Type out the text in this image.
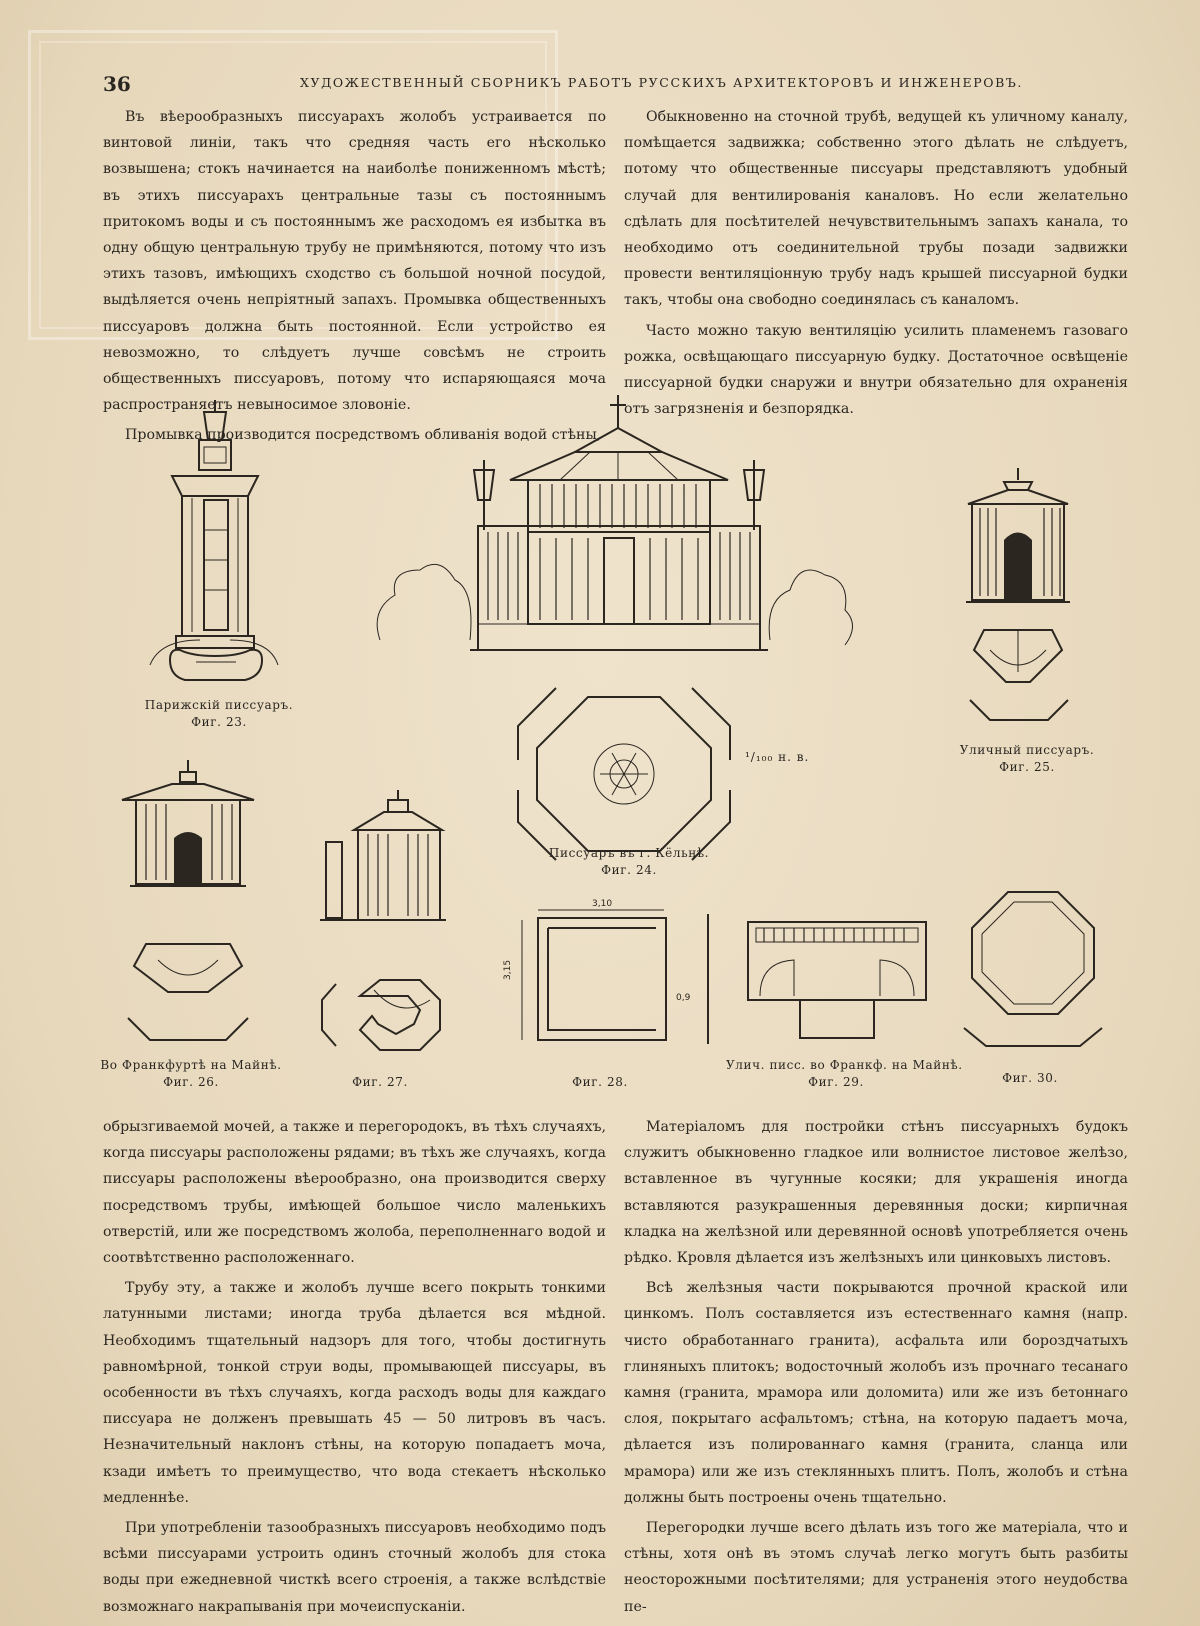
36	ХУДОЖЕСТВЕННЫЙ СБОРНИКЪ РАБОТЪ РУССКИХЪ АРХИТЕКТОРОВЪ И ИНЖЕНЕРОВЪ.

Въ вѣерообразныхъ писсуарахъ жолобъ устраивается по винтовой линіи, такъ что средняя часть его нѣсколько возвышена; стокъ начинается на наиболѣе пониженномъ мѣстѣ; въ этихъ писсуарахъ центральные тазы съ постояннымъ притокомъ воды и съ постояннымъ же расходомъ ея избытка въ одну общую центральную трубу не примѣняются, потому что изъ этихъ тазовъ, имѣющихъ сходство съ большой ночной посудой, выдѣляется очень непріятный запахъ. Промывка общественныхъ писсуаровъ должна быть постоянной. Если устройство ея невозможно, то слѣдуетъ лучше совсѣмъ не строить общественныхъ писсуаровъ, потому что испаряющаяся моча распространяетъ невыносимое зловоніе.

Промывка производится посредствомъ обливанія водой стѣны,

Обыкновенно на сточной трубѣ, ведущей къ уличному каналу, помѣщается задвижка; собственно этого дѣлать не слѣдуетъ, потому что общественные писсуары представляютъ удобный случай для вентилированія каналовъ. Но если желательно сдѣлать для посѣтителей нечувствительнымъ запахъ канала, то необходимо отъ соединительной трубы позади задвижки провести вентиляціонную трубу надъ крышей писсуарной будки такъ, чтобы она свободно соединялась съ каналомъ.

Часто можно такую вентиляцію усилить пламенемъ газоваго рожка, освѣщающаго писсуарную будку. Достаточное освѣщеніе писсуарной будки снаружи и внутри обязательно для охраненія отъ загрязненія и безпорядка.

3,10
3,15
0,9
¹/₁₀₀ н. в.
Парижскій писсуаръ.
Фиг. 23.
Писсуаръ въ г. Кёльнѣ.
Фиг. 24.
Уличный писсуаръ.
Фиг. 25.
Во Франкфуртѣ на Майнѣ.
Фиг. 26.	Фиг. 27.	Фиг. 28.
Улич. писс. во Франкф. на Майнѣ.
Фиг. 29.	Фиг. 30.

обрызгиваемой мочей, а также и перегородокъ, въ тѣхъ случаяхъ, когда писсуары расположены рядами; въ тѣхъ же случаяхъ, когда писсуары расположены вѣерообразно, она производится сверху посредствомъ трубы, имѣющей большое число маленькихъ отверстій, или же посредствомъ жолоба, переполненнаго водой и соотвѣтственно расположеннаго.

Трубу эту, а также и жолобъ лучше всего покрыть тонкими латунными листами; иногда труба дѣлается вся мѣдной. Необходимъ тщательный надзоръ для того, чтобы достигнуть равномѣрной, тонкой струи воды, промывающей писсуары, въ особенности въ тѣхъ случаяхъ, когда расходъ воды для каждаго писсуара не долженъ превышать 45 — 50 литровъ въ часъ. Незначительный наклонъ стѣны, на которую попадаетъ моча, кзади имѣетъ то преимущество, что вода стекаетъ нѣсколько медленнѣе.

При употребленіи тазообразныхъ писсуаровъ необходимо подъ всѣми писсуарами устроить одинъ сточный жолобъ для стока воды при ежедневной чисткѣ всего строенія, а также вслѣдствіе возможнаго накрапыванія при мочеиспусканіи.

Матеріаломъ для постройки стѣнъ писсуарныхъ будокъ служитъ обыкновенно гладкое или волнистое листовое желѣзо, вставленное въ чугунные косяки; для украшенія иногда вставляются разукрашенныя деревянныя доски; кирпичная кладка на желѣзной или деревянной основѣ употребляется очень рѣдко. Кровля дѣлается изъ желѣзныхъ или цинковыхъ листовъ.

Всѣ желѣзныя части покрываются прочной краской или цинкомъ. Полъ составляется изъ естественнаго камня (напр. чисто обработаннаго гранита), асфальта или бороздчатыхъ глиняныхъ плитокъ; водосточный жолобъ изъ прочнаго тесанаго камня (гранита, мрамора или доломита) или же изъ бетоннаго слоя, покрытаго асфальтомъ; стѣна, на которую падаетъ моча, дѣлается изъ полированнаго камня (гранита, сланца или мрамора) или же изъ стеклянныхъ плитъ. Полъ, жолобъ и стѣна должны быть построены очень тщательно.

Перегородки лучше всего дѣлать изъ того же матеріала, что и стѣны, хотя онѣ въ этомъ случаѣ легко могутъ быть разбиты неосторожными посѣтителями; для устраненія этого неудобства пе-
